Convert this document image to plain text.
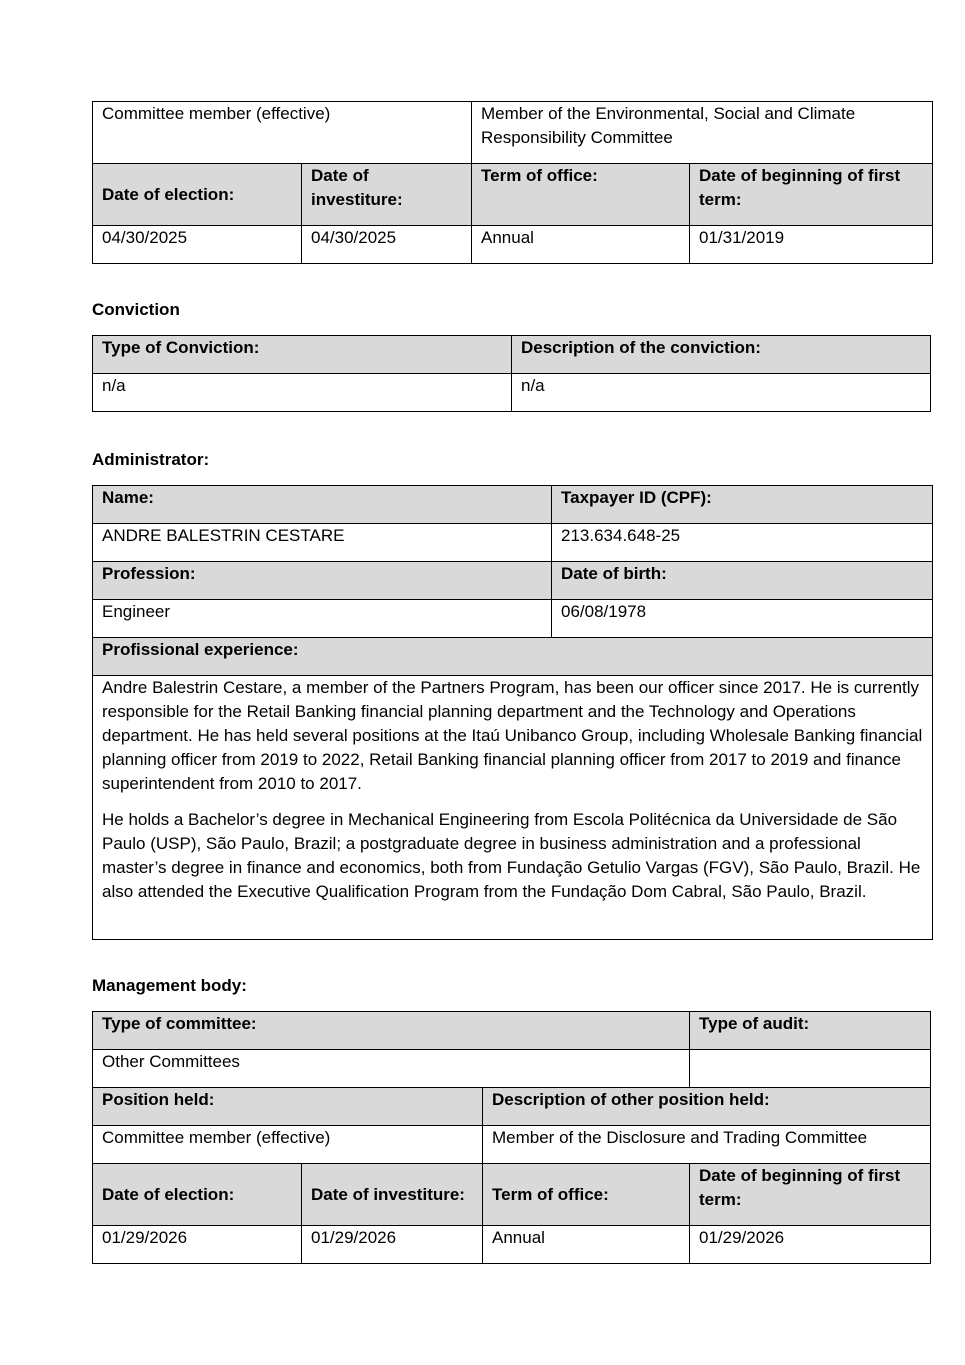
Committee member (effective)		Member of the Environmental, Social and Climate Responsibility Committee	
Date of election:	Date of investiture:	Term of office:	Date of beginning of first term:
04/30/2025	04/30/2025	Annual	01/31/2019
Conviction
Type of Conviction:	Description of the conviction:
n/a	n/a
Administrator:
Name:	Taxpayer ID (CPF):
ANDRE BALESTRIN CESTARE	213.634.648-25
Profession:	Date of birth:
Engineer	06/08/1978
Profissional experience:	

Andre Balestrin Cestare, a member of the Partners Program, has been our officer since 2017. He is currently responsible for the Retail Banking financial planning department and the Technology and Operations department. He has held several positions at the Itaú Unibanco Group, including Wholesale Banking financial planning officer from 2019 to 2022, Retail Banking financial planning officer from 2017 to 2019 and finance superintendent from 2010 to 2017.

He holds a Bachelor’s degree in Mechanical Engineering from Escola Politécnica da Universidade de São Paulo (USP), São Paulo, Brazil; a postgraduate degree in business administration and a professional master’s degree in finance and economics, both from Fundação Getulio Vargas (FGV), São Paulo, Brazil. He also attended the Executive Qualification Program from the Fundação Dom Cabral, São Paulo, Brazil.	

Management body:
Type of committee:			Type of audit:
Other Committees			
Position held:		Description of other position held:	
Committee member (effective)		Member of the Disclosure and Trading Committee	
Date of election:	Date of investiture:	Term of office:	Date of beginning of first term:
01/29/2026	01/29/2026	Annual	01/29/2026
